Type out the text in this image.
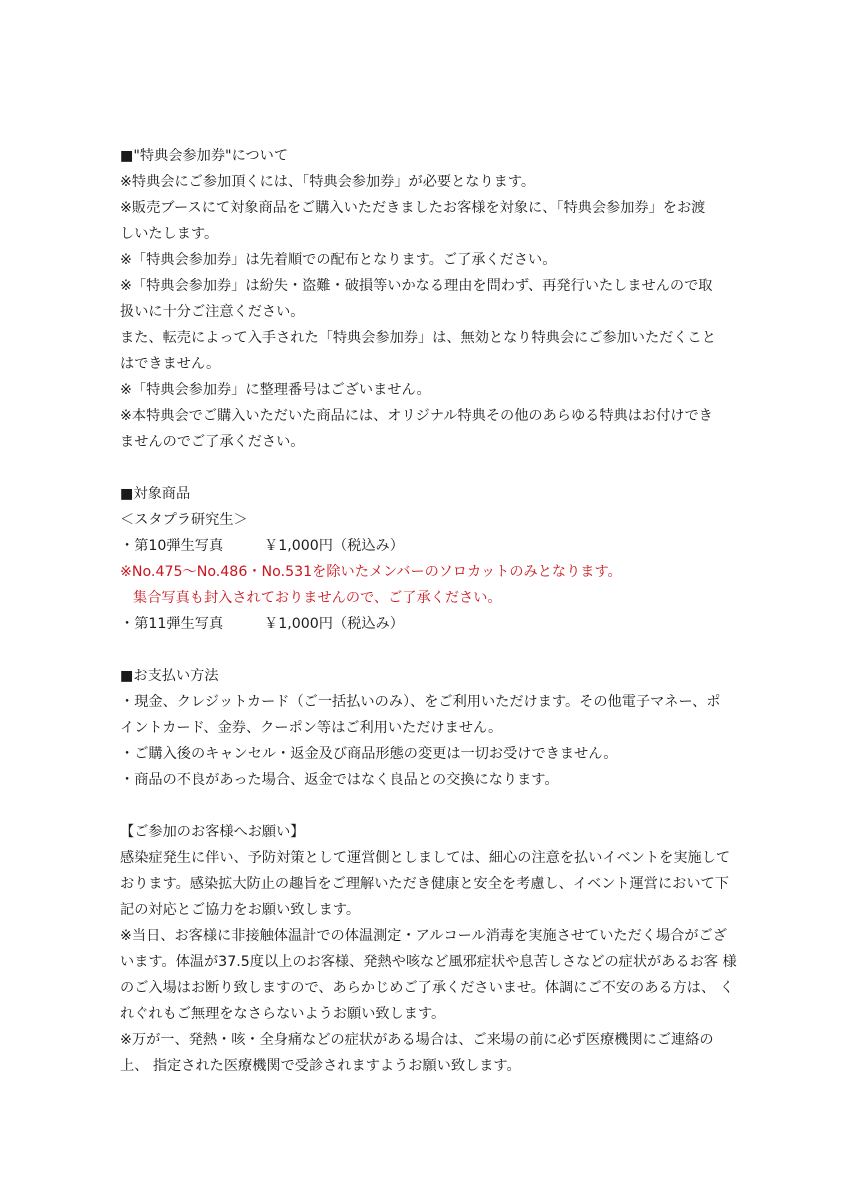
■"特典会参加券"について
※特典会にご参加頂くには、「特典会参加券」が必要となります。
※販売ブースにて対象商品をご購入いただきましたお客様を対象に、「特典会参加券」をお渡
しいたします。
※「特典会参加券」は先着順での配布となります。ご了承ください。
※「特典会参加券」は紛失・盗難・破損等いかなる理由を問わず、再発行いたしませんので取
扱いに十分ご注意ください。
また、転売によって入手された「特典会参加券」は、無効となり特典会にご参加いただくこと
はできません。
※「特典会参加券」に整理番号はございません。
※本特典会でご購入いただいた商品には、オリジナル特典その他のあらゆる特典はお付けでき
ませんのでご了承ください。
■対象商品
＜スタプラ研究生＞
・第10弾生写真	￥1,000円（税込み）
※No.475〜No.486・No.531を除いたメンバーのソロカットのみとなります。
集合写真も封入されておりませんので、ご了承ください。
・第11弾生写真	￥1,000円（税込み）
■お支払い方法
・現金、クレジットカード（ご一括払いのみ）、をご利用いただけます。その他電子マネー、ポ
イントカード、金券、クーポン等はご利用いただけません。
・ご購入後のキャンセル・返金及び商品形態の変更は一切お受けできません。
・商品の不良があった場合、返金ではなく良品との交換になります。
【ご参加のお客様へお願い】
感染症発生に伴い、予防対策として運営側としましては、細心の注意を払いイベントを実施して
おります。感染拡大防止の趣旨をご理解いただき健康と安全を考慮し、イベント運営において下
記の対応とご協力をお願い致します。
※当日、お客様に非接触体温計での体温測定・アルコール消毒を実施させていただく場合がござ
います。体温が37.5度以上のお客様、発熱や咳など風邪症状や息苦しさなどの症状があるお客 様
のご入場はお断り致しますので、あらかじめご了承くださいませ。体調にご不安のある方は、 く
れぐれもご無理をなさらないようお願い致します。
※万が一、発熱・咳・全身痛などの症状がある場合は、ご来場の前に必ず医療機関にご連絡の
上、 指定された医療機関で受診されますようお願い致します。
